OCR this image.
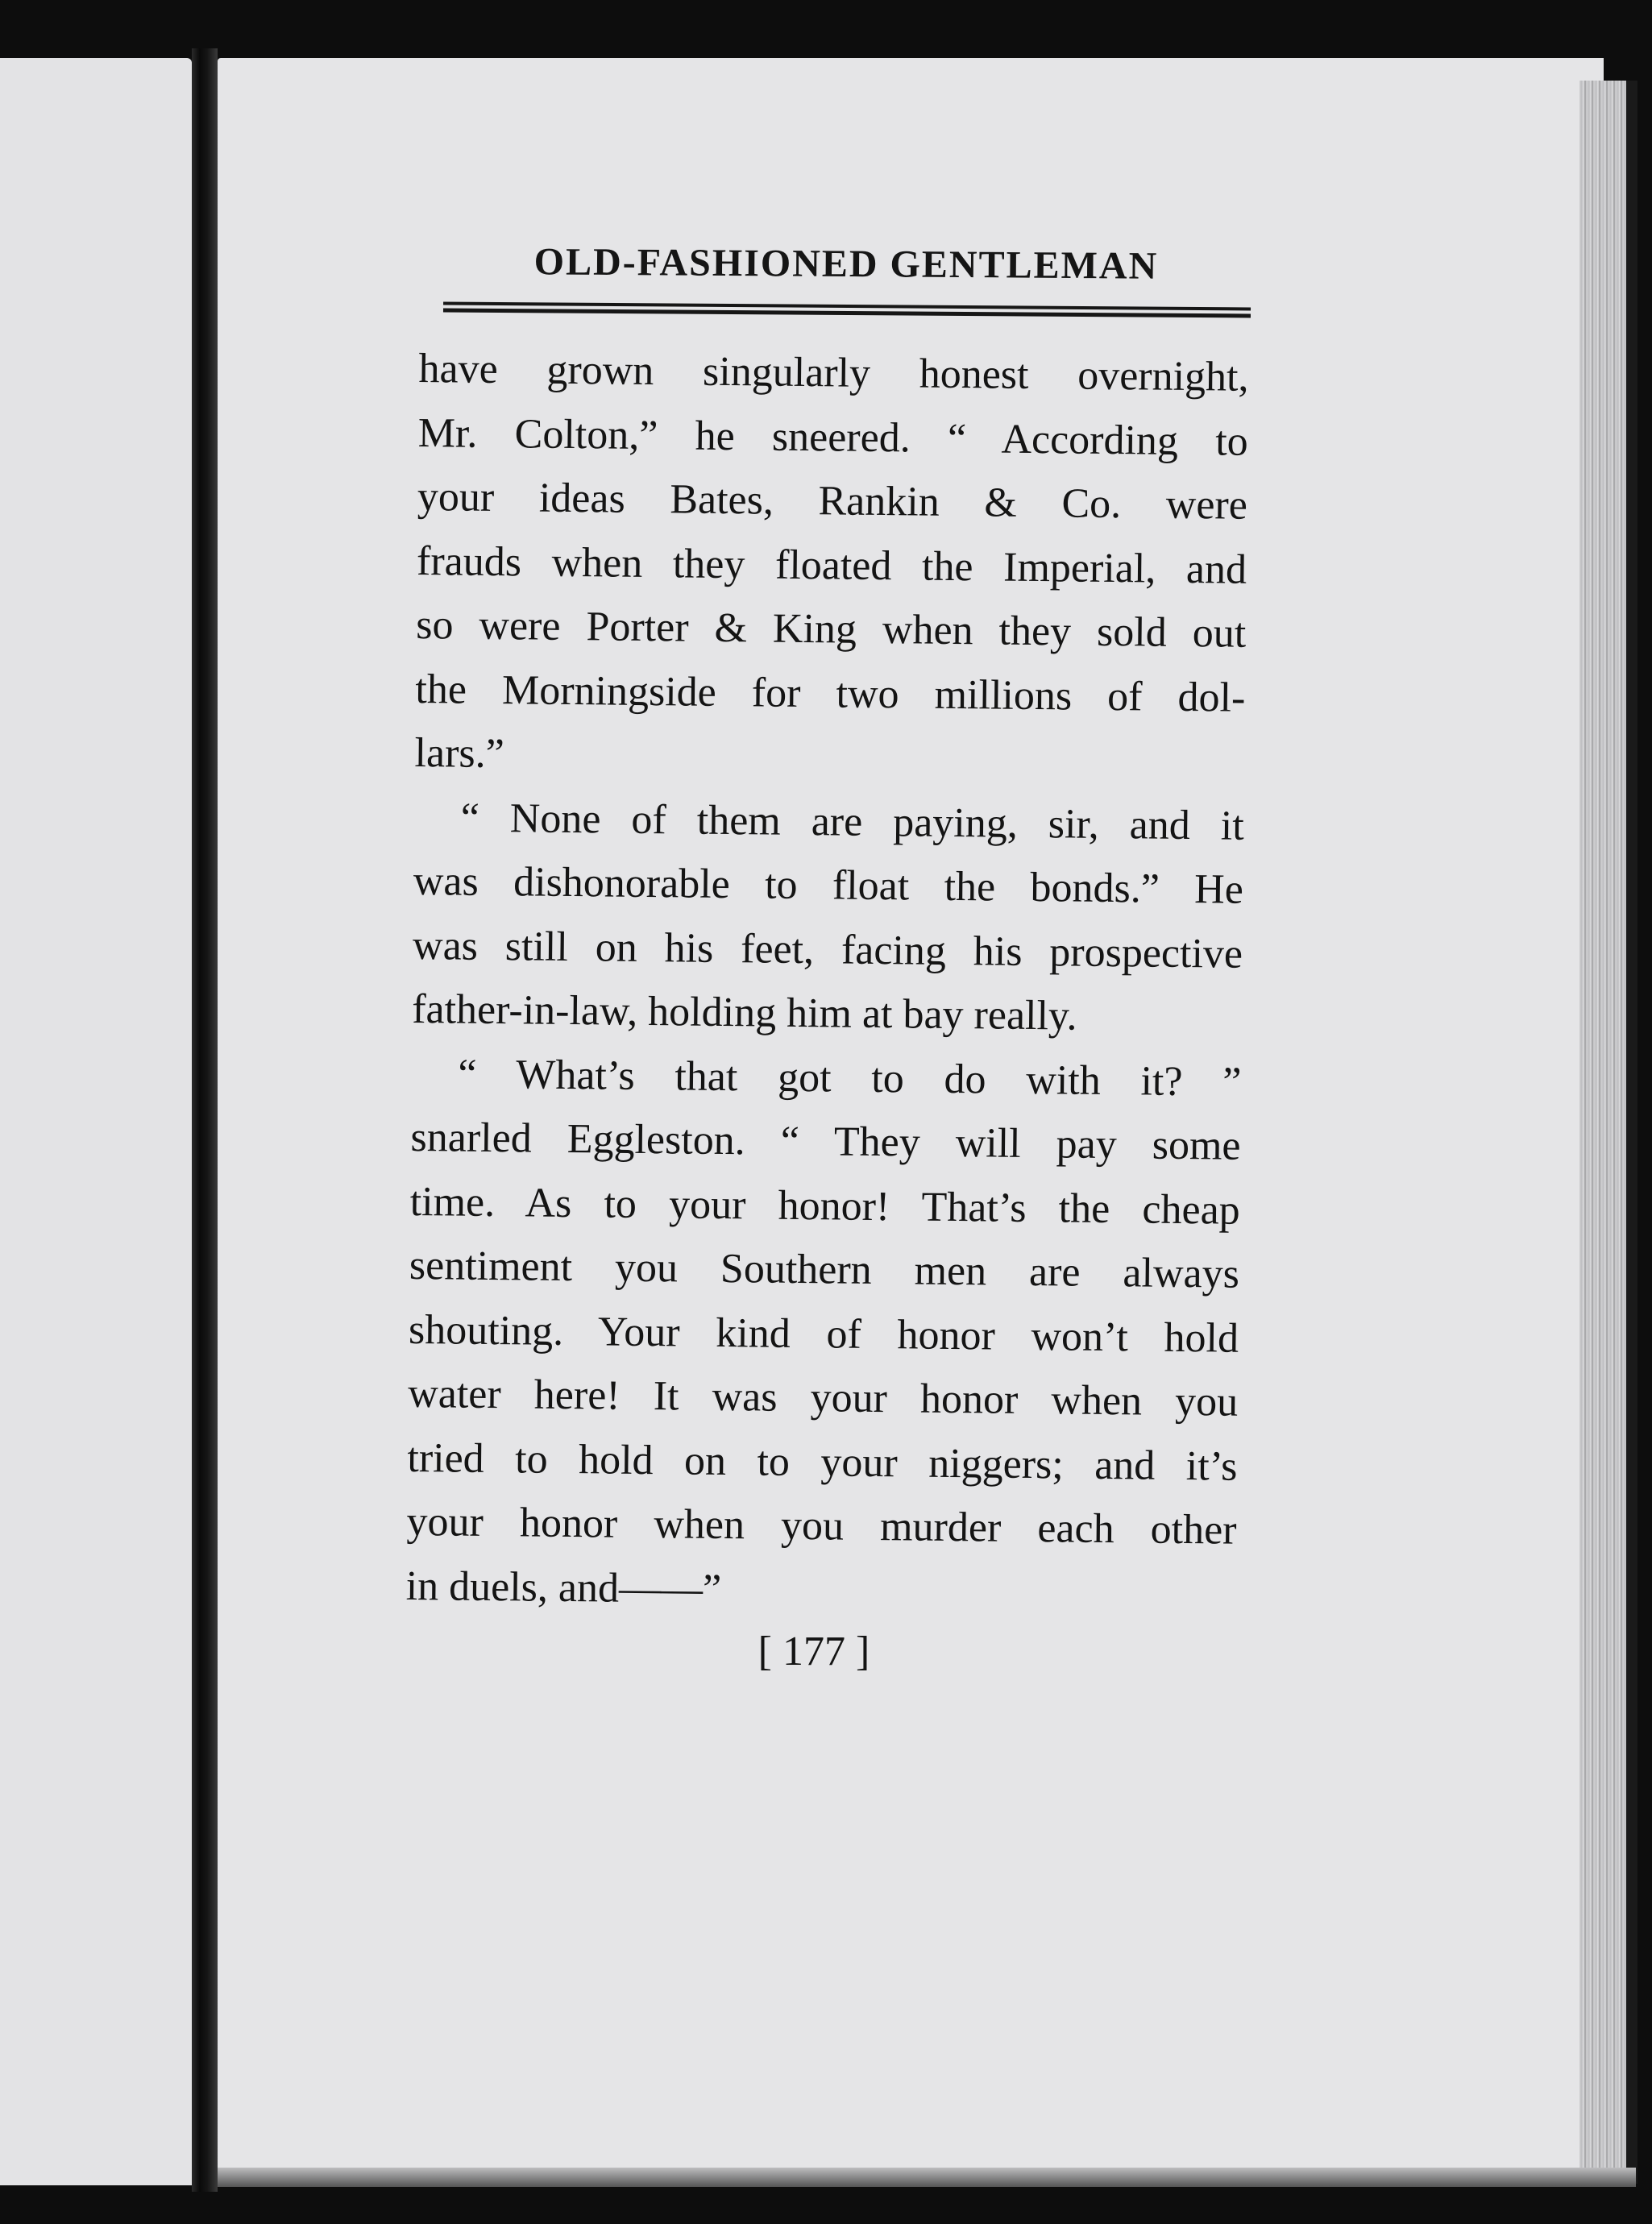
OLD-FASHIONED GENTLEMAN
have grown singularly honest overnight,
Mr. Colton,” he sneered. “ According to
your ideas Bates, Rankin & Co. were
frauds when they floated the Imperial, and
so were Porter & King when they sold out
the Morningside for two millions of dol-
lars.”
“ None of them are paying, sir, and it
was dishonorable to float the bonds.” He
was still on his feet, facing his prospective
father-in-law, holding him at bay really.
“ What’s that got to do with it? ”
snarled Eggleston. “ They will pay some
time. As to your honor! That’s the cheap
sentiment you Southern men are always
shouting. Your kind of honor won’t hold
water here! It was your honor when you
tried to hold on to your niggers; and it’s
your honor when you murder each other
in duels, and——”
[ 177 ]
